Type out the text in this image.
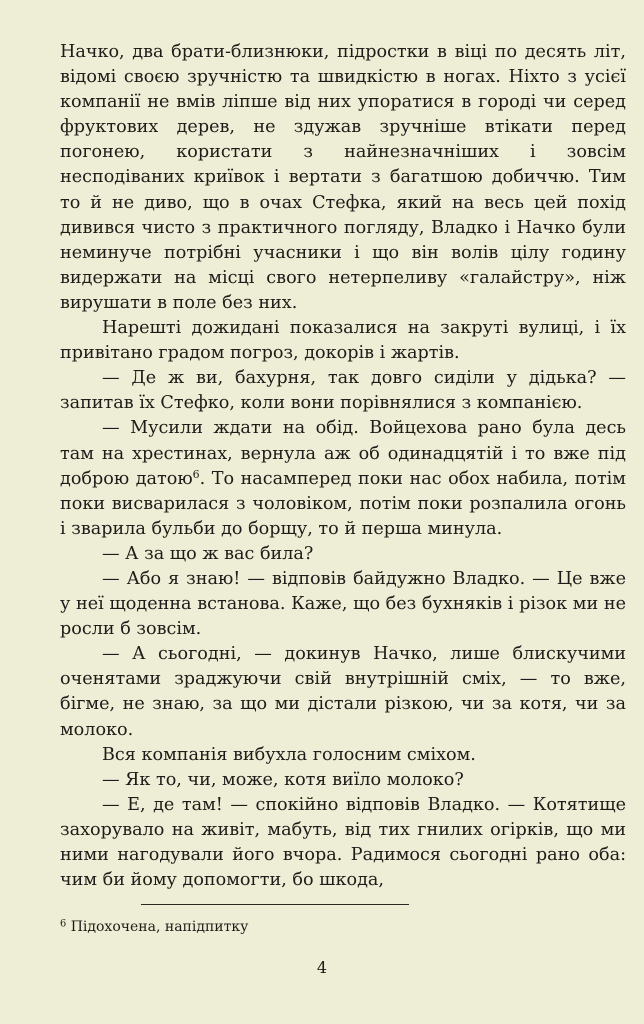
Начко, два брати-близнюки, підростки в віці по десять літ, відомі своєю зручністю та швидкістю в ногах. Ніхто з усієї компанії не вмів ліпше від них упоратися в городі чи серед фруктових дерев, не здужав зручніше втікати перед погонею, користати з найнезначніших і зовсім несподіваних криївок і вертати з багатшою добиччю. Тим то й не диво, що в очах Стефка, який на весь цей похід дивився чисто з практичного погляду, Владко і Начко були неминуче потрібні учасники і що він волів цілу годину видержати на місці свого нетерпеливу «галайстру», ніж вирушати в поле без них.

Нарешті дожидані показалися на закруті вулиці, і їх привітано градом погроз, докорів і жартів.

— Де ж ви, бахурня, так довго сиділи у дідька? — запитав їх Стефко, коли вони порівнялися з компанією.

— Мусили ждати на обід. Войцехова рано була десь там на хрестинах, вернула аж об одинадцятій і то вже під доброю датою$^6$. То насамперед поки нас обох набила, потім поки висварилася з чоловіком, потім поки розпалила огонь і зварила бульби до борщу, то й перша минула.

— А за що ж вас била?

— Або я знаю! — відповів байдужно Владко. — Це вже у неї щоденна встанова. Каже, що без бухняків і різок ми не росли б зовсім.

— А сьогодні, — докинув Начко, лише блискучими оченятами зраджуючи свій внутрішній сміх, — то вже, бігме, не знаю, за що ми дістали різкою, чи за котя, чи за молоко.

Вся компанія вибухла голосним сміхом.

— Як то, чи, може, котя виїло молоко?

— Е, де там! — спокійно відповів Владко. — Котятище захорувало на живіт, мабуть, від тих гнилих огірків, що ми ними нагодували його вчора. Радимося сьогодні рано оба: чим би йому допомогти, бо шкода,

$^6$ Підохочена, напідпитку
4
